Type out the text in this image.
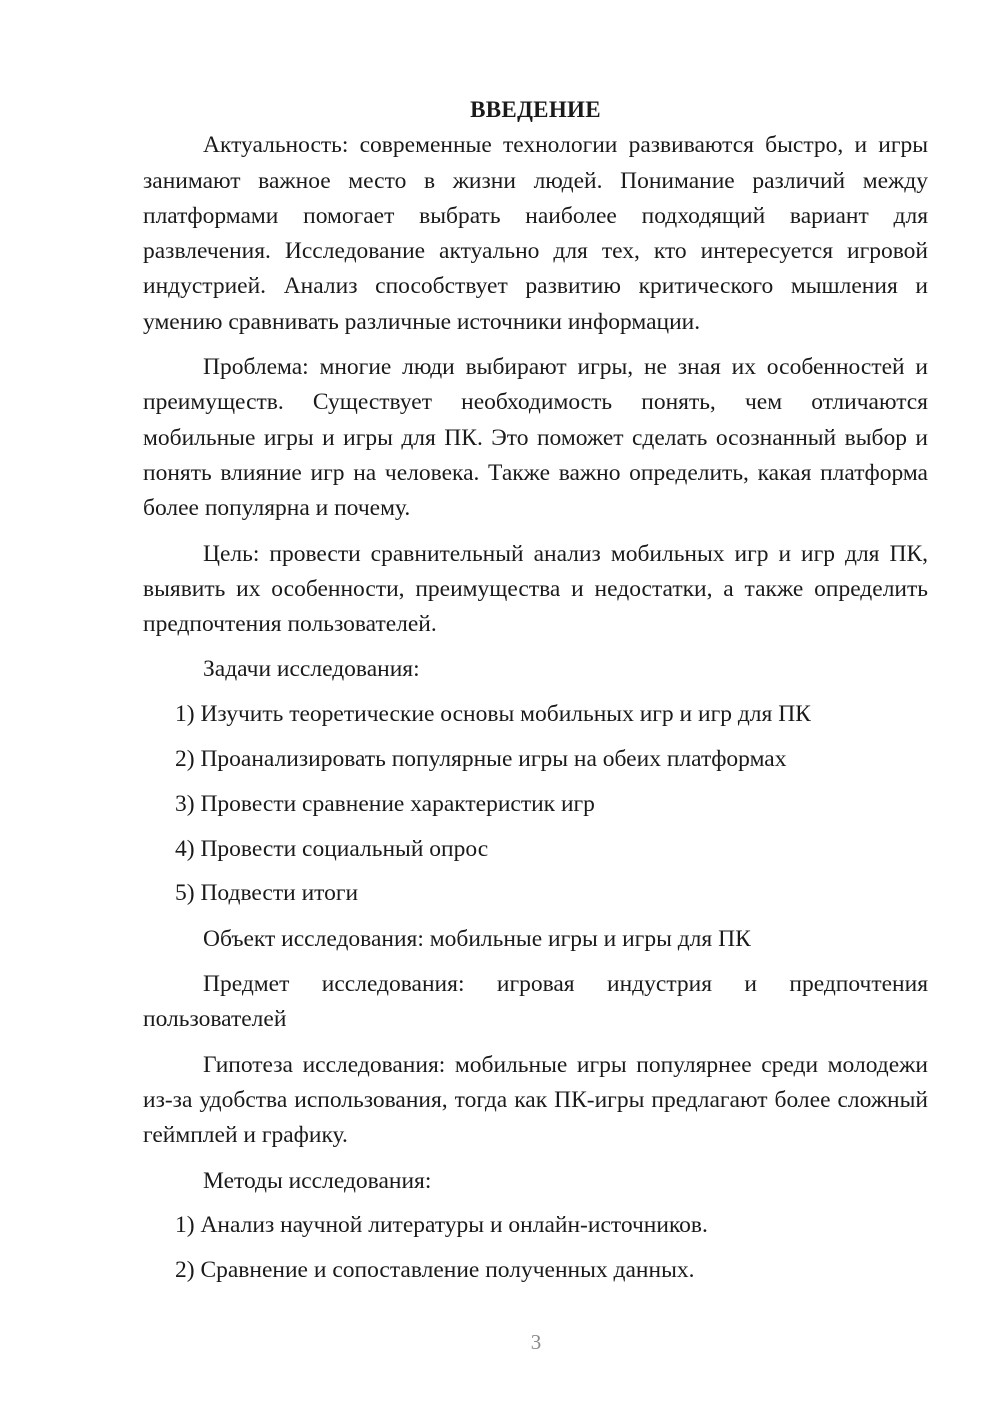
ВВЕДЕНИЕ

Актуальность: современные технологии развиваются быстро, и игры занимают важное место в жизни людей. Понимание различий между платформами помогает выбрать наиболее подходящий вариант для развлечения. Исследование актуально для тех, кто интересуется игровой индустрией. Анализ способствует развитию критического мышления и умению сравнивать различные источники информации.

Проблема: многие люди выбирают игры, не зная их особенностей и преимуществ. Существует необходимость понять, чем отличаются мобильные игры и игры для ПК. Это поможет сделать осознанный выбор и понять влияние игр на человека. Также важно определить, какая платформа более популярна и почему.

Цель: провести сравнительный анализ мобильных игр и игр для ПК, выявить их особенности, преимущества и недостатки, а также определить предпочтения пользователей.

Задачи исследования:

1) Изучить теоретические основы мобильных игр и игр для ПК

2) Проанализировать популярные игры на обеих платформах

3) Провести сравнение характеристик игр

4) Провести социальный опрос

5) Подвести итоги

Объект исследования: мобильные игры и игры для ПК

Предмет исследования: игровая индустрия и предпочтения пользователей

Гипотеза исследования: мобильные игры популярнее среди молодежи из-за удобства использования, тогда как ПК-игры предлагают более сложный геймплей и графику.

Методы исследования:

1) Анализ научной литературы и онлайн-источников.

2) Сравнение и сопоставление полученных данных.

3
